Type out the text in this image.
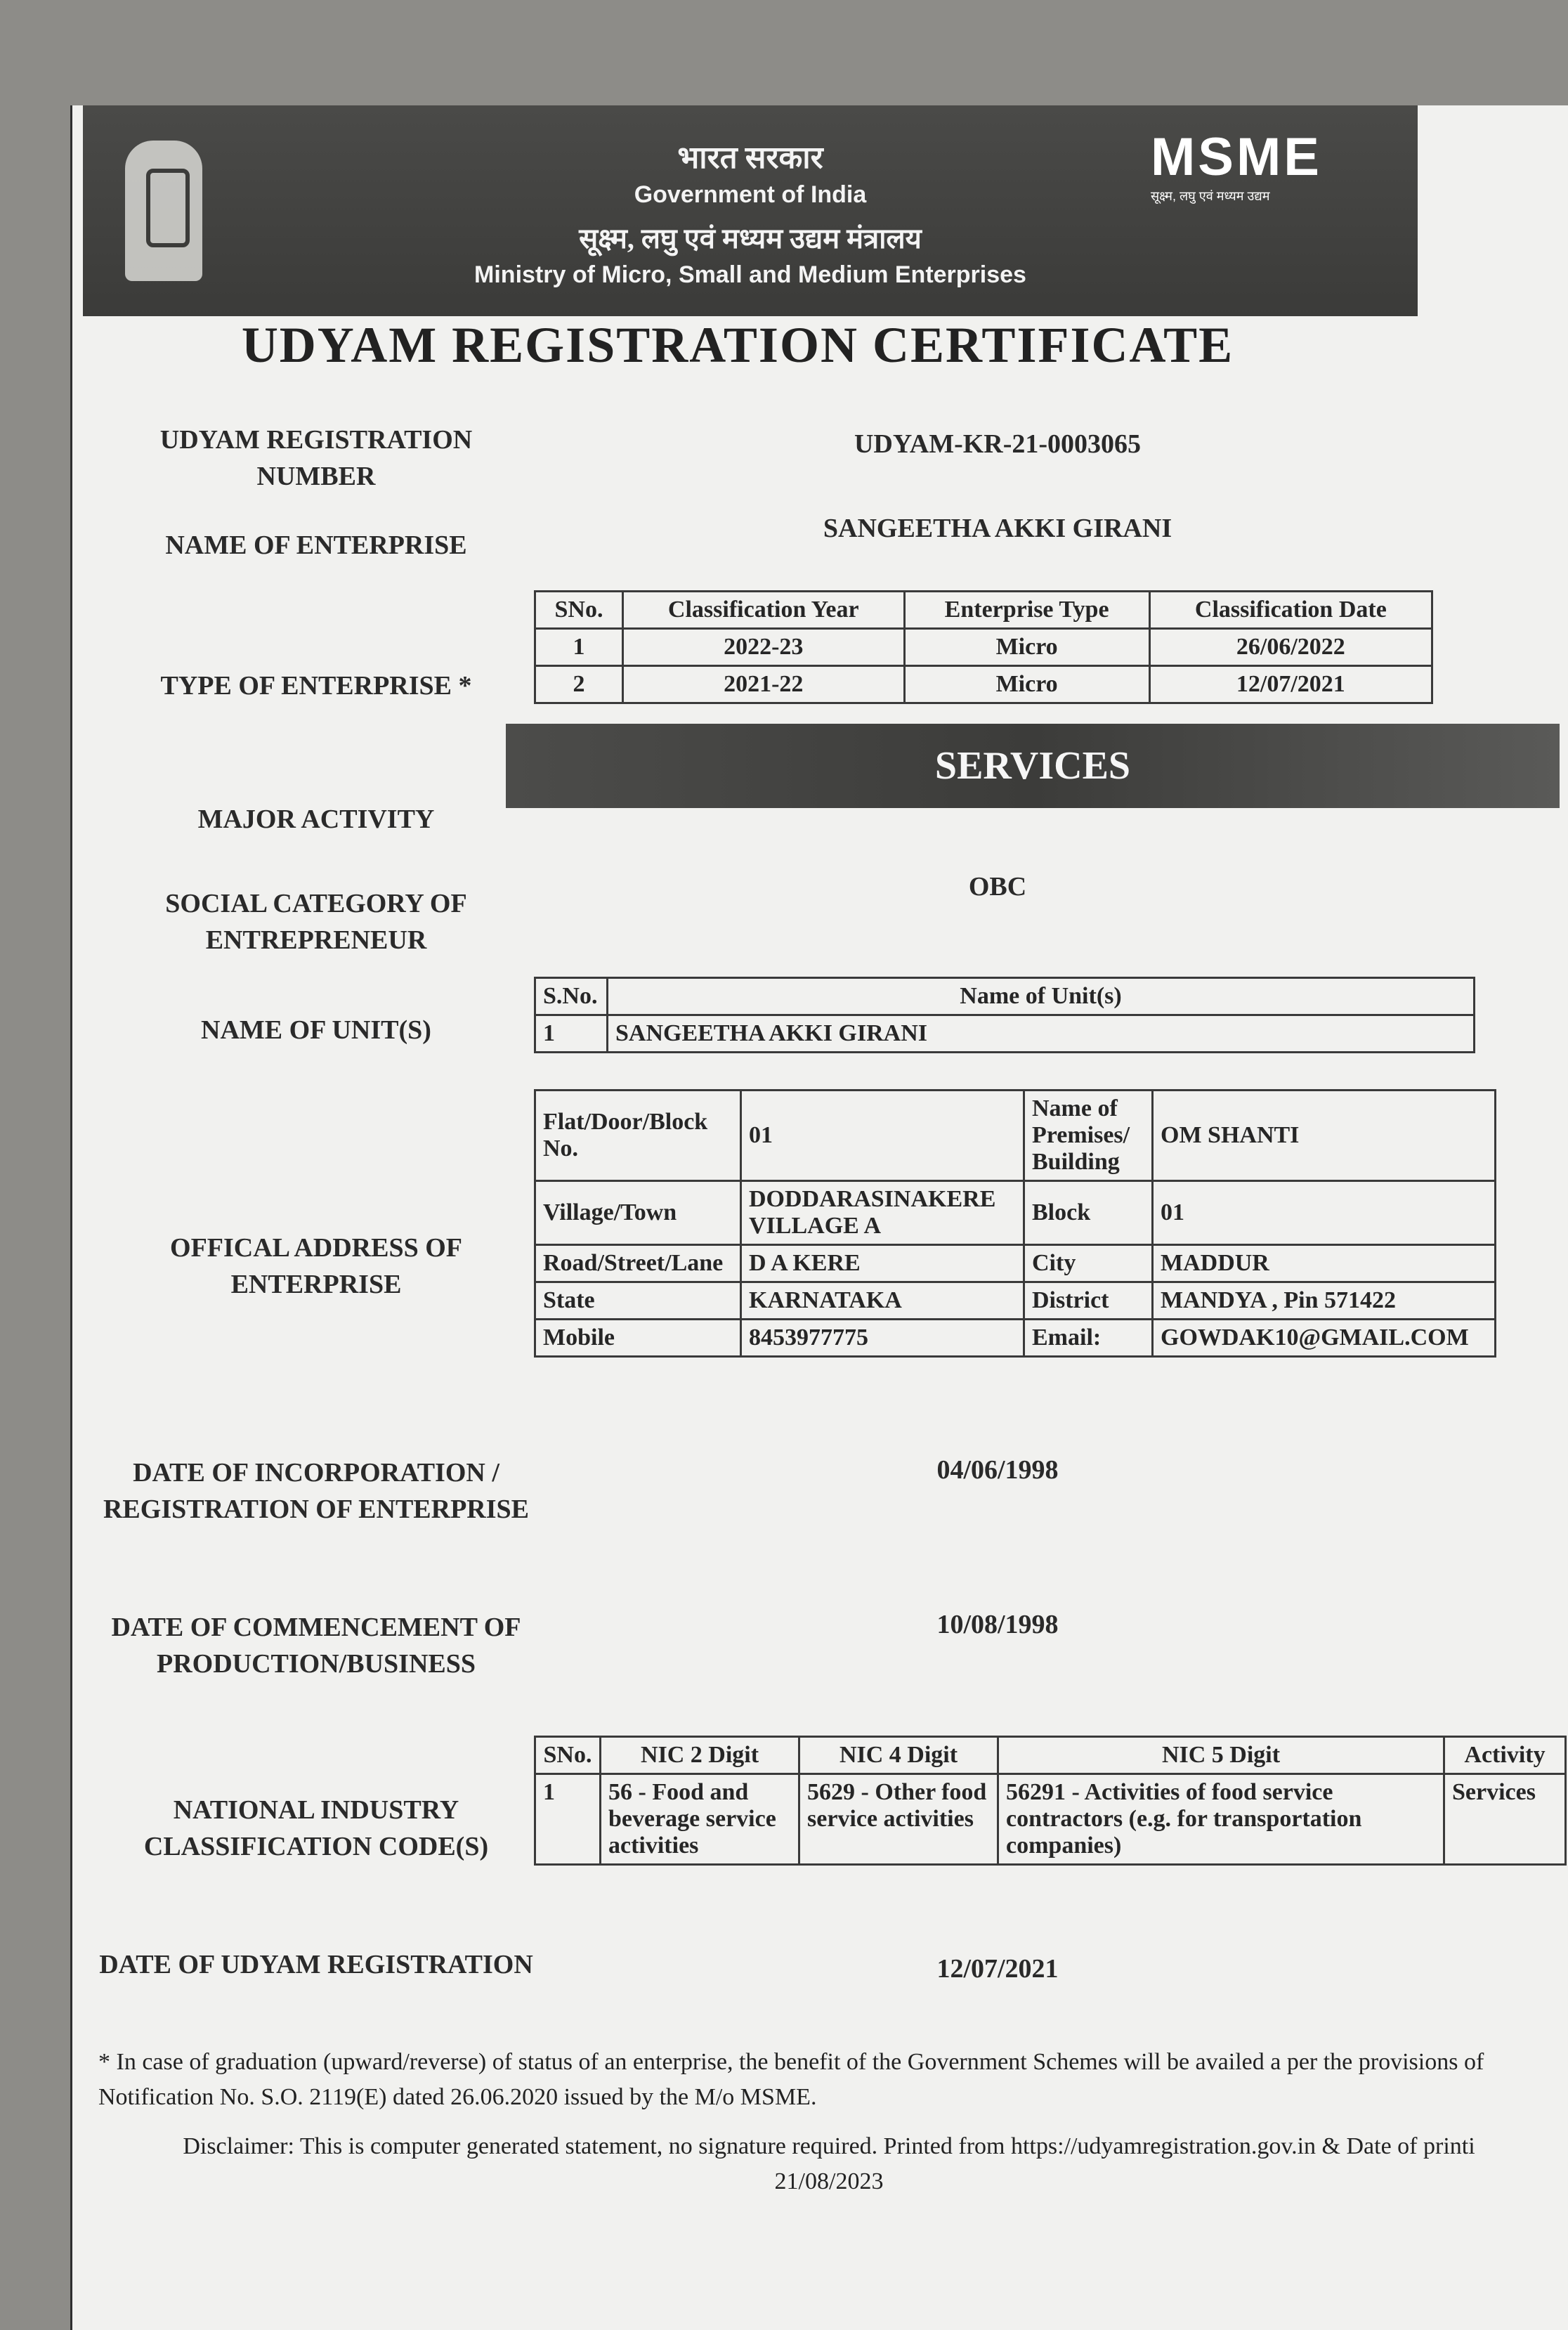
भारत सरकार
Government of India
सूक्ष्म, लघु एवं मध्यम उद्यम मंत्रालय
Ministry of Micro, Small and Medium Enterprises
MSME
सूक्ष्म, लघु एवं मध्यम उद्यम
UDYAM REGISTRATION CERTIFICATE
UDYAM REGISTRATION NUMBER
UDYAM-KR-21-0003065
NAME OF ENTERPRISE
SANGEETHA AKKI GIRANI
TYPE OF ENTERPRISE *
SNo.	Classification Year	Enterprise Type	Classification Date
1	2022-23	Micro	26/06/2022
2	2021-22	Micro	12/07/2021
MAJOR ACTIVITY
SERVICES
SOCIAL CATEGORY OF ENTREPRENEUR
OBC
NAME OF UNIT(S)
S.No.	Name of Unit(s)
1	SANGEETHA AKKI GIRANI
OFFICAL ADDRESS OF ENTERPRISE
Flat/Door/Block No.	01	Name of Premises/ Building	OM SHANTI
Village/Town	DODDARASINAKERE VILLAGE A	Block	01
Road/Street/Lane	D A KERE	City	MADDUR
State	KARNATAKA	District	MANDYA , Pin 571422
Mobile	8453977775	Email:	GOWDAK10@GMAIL.COM
DATE OF INCORPORATION / REGISTRATION OF ENTERPRISE
04/06/1998
DATE OF COMMENCEMENT OF PRODUCTION/BUSINESS
10/08/1998
NATIONAL INDUSTRY CLASSIFICATION CODE(S)
SNo.	NIC 2 Digit	NIC 4 Digit	NIC 5 Digit	Activity
1	56 - Food and beverage service activities	5629 - Other food service activities	56291 - Activities of food service contractors (e.g. for transportation companies)	Services
DATE OF UDYAM REGISTRATION	12/07/2021
* In case of graduation (upward/reverse) of status of an enterprise, the benefit of the Government Schemes will be availed a per the provisions of Notification No. S.O. 2119(E) dated 26.06.2020 issued by the M/o MSME.
Disclaimer: This is computer generated statement, no signature required. Printed from https://udyamregistration.gov.in & Date of printi
21/08/2023
